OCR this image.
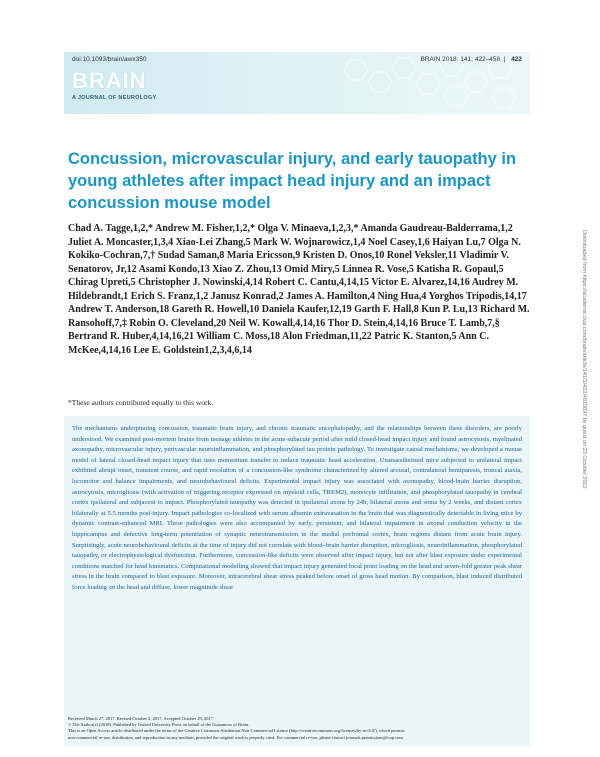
doi:10.1093/brain/awx350	BRAIN 2018: 141; 422–458  | 422
BRAIN
A JOURNAL OF NEUROLOGY
Concussion, microvascular injury, and early tauopathy in young athletes after impact head injury and an impact concussion mouse model

Chad A. Tagge,1,2,* Andrew M. Fisher,1,2,* Olga V. Minaeva,1,2,3,* Amanda Gaudreau-Balderrama,1,2 Juliet A. Moncaster,1,3,4 Xiao-Lei Zhang,5 Mark W. Wojnarowicz,1,4 Noel Casey,1,6 Haiyan Lu,7 Olga N. Kokiko-Cochran,7,† Sudad Saman,8 Maria Ericsson,9 Kristen D. Onos,10 Ronel Veksler,11 Vladimir V. Senatorov, Jr,12 Asami Kondo,13 Xiao Z. Zhou,13 Omid Miry,5 Linnea R. Vose,5 Katisha R. Gopaul,5 Chirag Upreti,5 Christopher J. Nowinski,4,14 Robert C. Cantu,4,14,15 Victor E. Alvarez,14,16 Audrey M. Hildebrandt,1 Erich S. Franz,1,2 Janusz Konrad,2 James A. Hamilton,4 Ning Hua,4 Yorghos Tripodis,14,17 Andrew T. Anderson,18 Gareth R. Howell,10 Daniela Kaufer,12,19 Garth F. Hall,8 Kun P. Lu,13 Richard M. Ransohoff,7,‡ Robin O. Cleveland,20 Neil W. Kowall,4,14,16 Thor D. Stein,4,14,16 Bruce T. Lamb,7,§ Bertrand R. Huber,4,14,16,21 William C. Moss,18 Alon Friedman,11,22 Patric K. Stanton,5 Ann C. McKee,4,14,16 Lee E. Goldstein1,2,3,4,6,14

*These authors contributed equally to this work.

The mechanisms underpinning concussion, traumatic brain injury, and chronic traumatic encephalopathy, and the relationships between these disorders, are poorly understood. We examined post-mortem brains from teenage athletes in the acute-subacute period after mild closed-head impact injury and found astrocytosis, myelinated axonopathy, microvascular injury, perivascular neuroinflammation, and phosphorylated tau protein pathology. To investigate causal mechanisms, we developed a mouse model of lateral closed-head impact injury that uses momentum transfer to induce traumatic head acceleration. Unanaesthetized mice subjected to unilateral impact exhibited abrupt onset, transient course, and rapid resolution of a concussion-like syndrome characterized by altered arousal, contralateral hemiparesis, truncal ataxia, locomotor and balance impairments, and neurobehavioural deficits. Experimental impact injury was associated with axonopathy, blood-brain barrier disruption, astrocytosis, microgliosis (with activation of triggering receptor expressed on myeloid cells, TREM2), monocyte infiltration, and phosphorylated tauopathy in cerebral cortex ipsilateral and subjacent to impact. Phosphorylated tauopathy was detected in ipsilateral axons by 24h, bilateral axons and soma by 2 weeks, and distant cortex bilaterally at 5.5 months post-injury. Impact pathologies co-localized with serum albumin extravasation in the brain that was diagnostically detectable in living mice by dynamic contrast-enhanced MRI. These pathologies were also accompanied by early, persistent, and bilateral impairment in axonal conduction velocity in the hippocampus and defective long-term potentiation of synaptic neurotransmission in the medial prefrontal cortex, brain regions distant from acute brain injury. Surprisingly, acute neurobehavioural deficits at the time of injury did not correlate with blood–brain barrier disruption, microgliosis, neuroinflammation, phosphorylated tauopathy, or electrophysiological dysfunction. Furthermore, concussion-like deficits were observed after impact injury, but not after blast exposure under experimental conditions matched for head kinematics. Computational modelling showed that impact injury generated focal point loading on the head and seven-fold greater peak shear stress in the brain compared to blast exposure. Moreover, intracerebral shear stress peaked before onset of gross head motion. By comparison, blast induced distributed force loading on the head and diffuse, lower magnitude shear

Received March 27, 2017. Revised October 2, 2017. Accepted October 29, 2017
© The Author(s) (2018). Published by Oxford University Press on behalf of the Guarantors of Brain.
This is an Open Access article distributed under the terms of the Creative Commons Attribution Non-Commercial License (http://creativecommons.org/licenses/by-nc/4.0/), which permits
non-commercial re-use, distribution, and reproduction in any medium, provided the original work is properly cited. For commercial re-use, please contact journals.permissions@oup.com
Downloaded from https://academic.oup.com/brain/article/141/2/422/4815697 by guest on 23 October 2022
